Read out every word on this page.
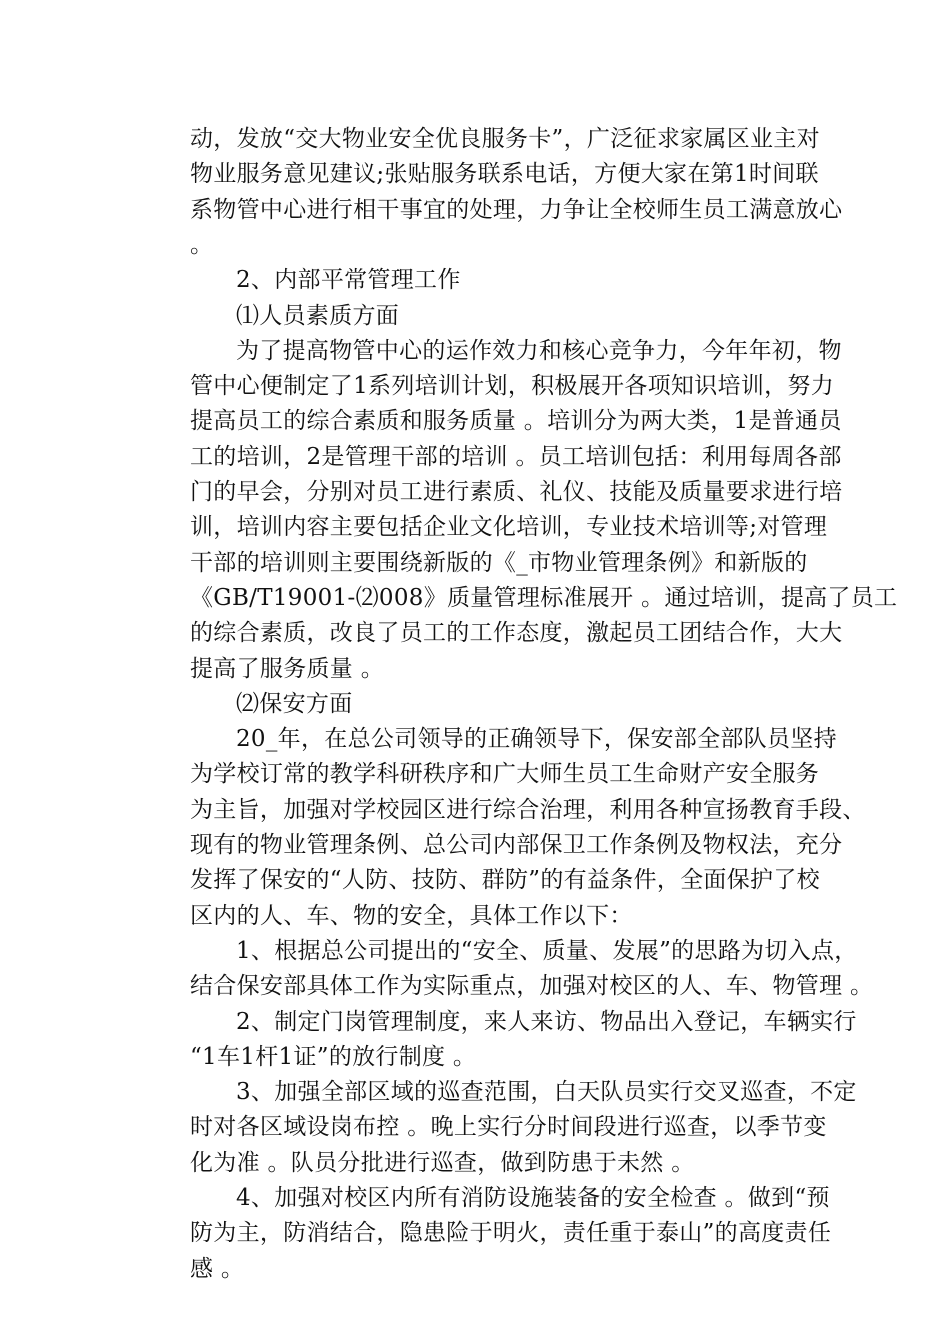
动，发放“交大物业安全优良服务卡”，广泛征求家属区业主对
物业服务意见建议;张贴服务联系电话，方便大家在第1时间联
系物管中心进行相干事宜的处理，力争让全校师生员工满意放心
。
2、内部平常管理工作
⑴人员素质方面
为了提高物管中心的运作效力和核心竞争力，今年年初，物
管中心便制定了1系列培训计划，积极展开各项知识培训，努力
提高员工的综合素质和服务质量 。培训分为两大类，1是普通员
工的培训，2是管理干部的培训 。员工培训包括：利用每周各部
门的早会，分别对员工进行素质、礼仪、技能及质量要求进行培
训，培训内容主要包括企业文化培训，专业技术培训等;对管理
干部的培训则主要围绕新版的《_市物业管理条例》和新版的
《GB/T19001-⑵008》质量管理标准展开 。通过培训，提高了员工
的综合素质，改良了员工的工作态度，激起员工团结合作，大大
提高了服务质量 。
⑵保安方面
20_年，在总公司领导的正确领导下，保安部全部队员坚持
为学校订常的教学科研秩序和广大师生员工生命财产安全服务
为主旨，加强对学校园区进行综合治理，利用各种宣扬教育手段、
现有的物业管理条例、总公司内部保卫工作条例及物权法，充分
发挥了保安的“人防、技防、群防”的有益条件，全面保护了校
区内的人、车、物的安全，具体工作以下：
1、根据总公司提出的“安全、质量、发展”的思路为切入点，
结合保安部具体工作为实际重点，加强对校区的人、车、物管理 。
2、制定门岗管理制度，来人来访、物品出入登记，车辆实行
“1车1杆1证”的放行制度 。
3、加强全部区域的巡查范围，白天队员实行交叉巡查，不定
时对各区域设岗布控 。晚上实行分时间段进行巡查，以季节变
化为准 。队员分批进行巡查，做到防患于未然 。
4、加强对校区内所有消防设施装备的安全检查 。做到“预
防为主，防消结合，隐患险于明火，责任重于泰山”的高度责任
感 。
